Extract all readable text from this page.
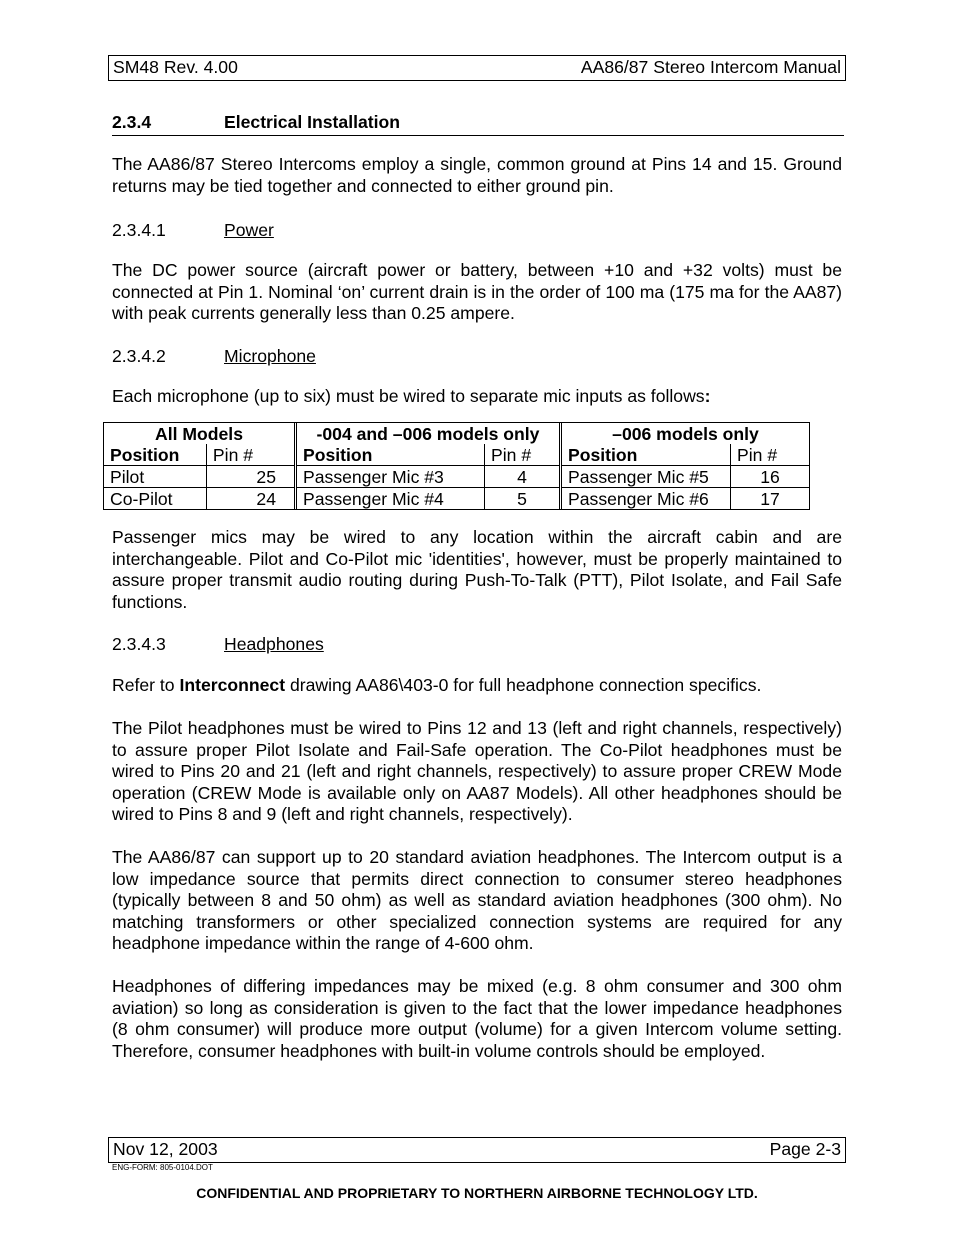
SM48 Rev. 4.00	AA86/87 Stereo Intercom Manual
2.3.4	Electrical Installation

The AA86/87 Stereo Intercoms employ a single, common ground at Pins 14 and 15. Ground returns may be tied together and connected to either ground pin.

2.3.4.1	Power

The DC power source (aircraft power or battery, between +10 and +32 volts) must be connected at Pin 1. Nominal ‘on’ current drain is in the order of 100 ma (175 ma for the AA87) with peak currents generally less than 0.25 ampere.

2.3.4.2	Microphone

Each microphone (up to six) must be wired to separate mic inputs as follows:

All Models			-004 and –006 models only			–006 models only	
Position	Pin #		Position	Pin #		Position	Pin #
Pilot	25		Passenger Mic #3	4		Passenger Mic #5	16
Co-Pilot	24		Passenger Mic #4	5		Passenger Mic #6	17

Passenger mics may be wired to any location within the aircraft cabin and are interchangeable. Pilot and Co-Pilot mic 'identities', however, must be properly maintained to assure proper transmit audio routing during Push-To-Talk (PTT), Pilot Isolate, and Fail Safe functions.

2.3.4.3	Headphones

Refer to Interconnect drawing AA86\403-0 for full headphone connection specifics.

The Pilot headphones must be wired to Pins 12 and 13 (left and right channels, respectively) to assure proper Pilot Isolate and Fail-Safe operation. The Co-Pilot headphones must be wired to Pins 20 and 21 (left and right channels, respectively) to assure proper CREW Mode operation (CREW Mode is available only on AA87 Models). All other headphones should be wired to Pins 8 and 9 (left and right channels, respectively).

The AA86/87 can support up to 20 standard aviation headphones. The Intercom output is a low impedance source that permits direct connection to consumer stereo headphones (typically between 8 and 50 ohm) as well as standard aviation headphones (300 ohm). No matching transformers or other specialized connection systems are required for any headphone impedance within the range of 4-600 ohm.

Headphones of differing impedances may be mixed (e.g. 8 ohm consumer and 300 ohm aviation) so long as consideration is given to the fact that the lower impedance headphones (8 ohm consumer) will produce more output (volume) for a given Intercom volume setting. Therefore, consumer headphones with built-in volume controls should be employed.

Nov 12, 2003	Page 2-3
ENG-FORM: 805-0104.DOT
CONFIDENTIAL AND PROPRIETARY TO NORTHERN AIRBORNE TECHNOLOGY LTD.
